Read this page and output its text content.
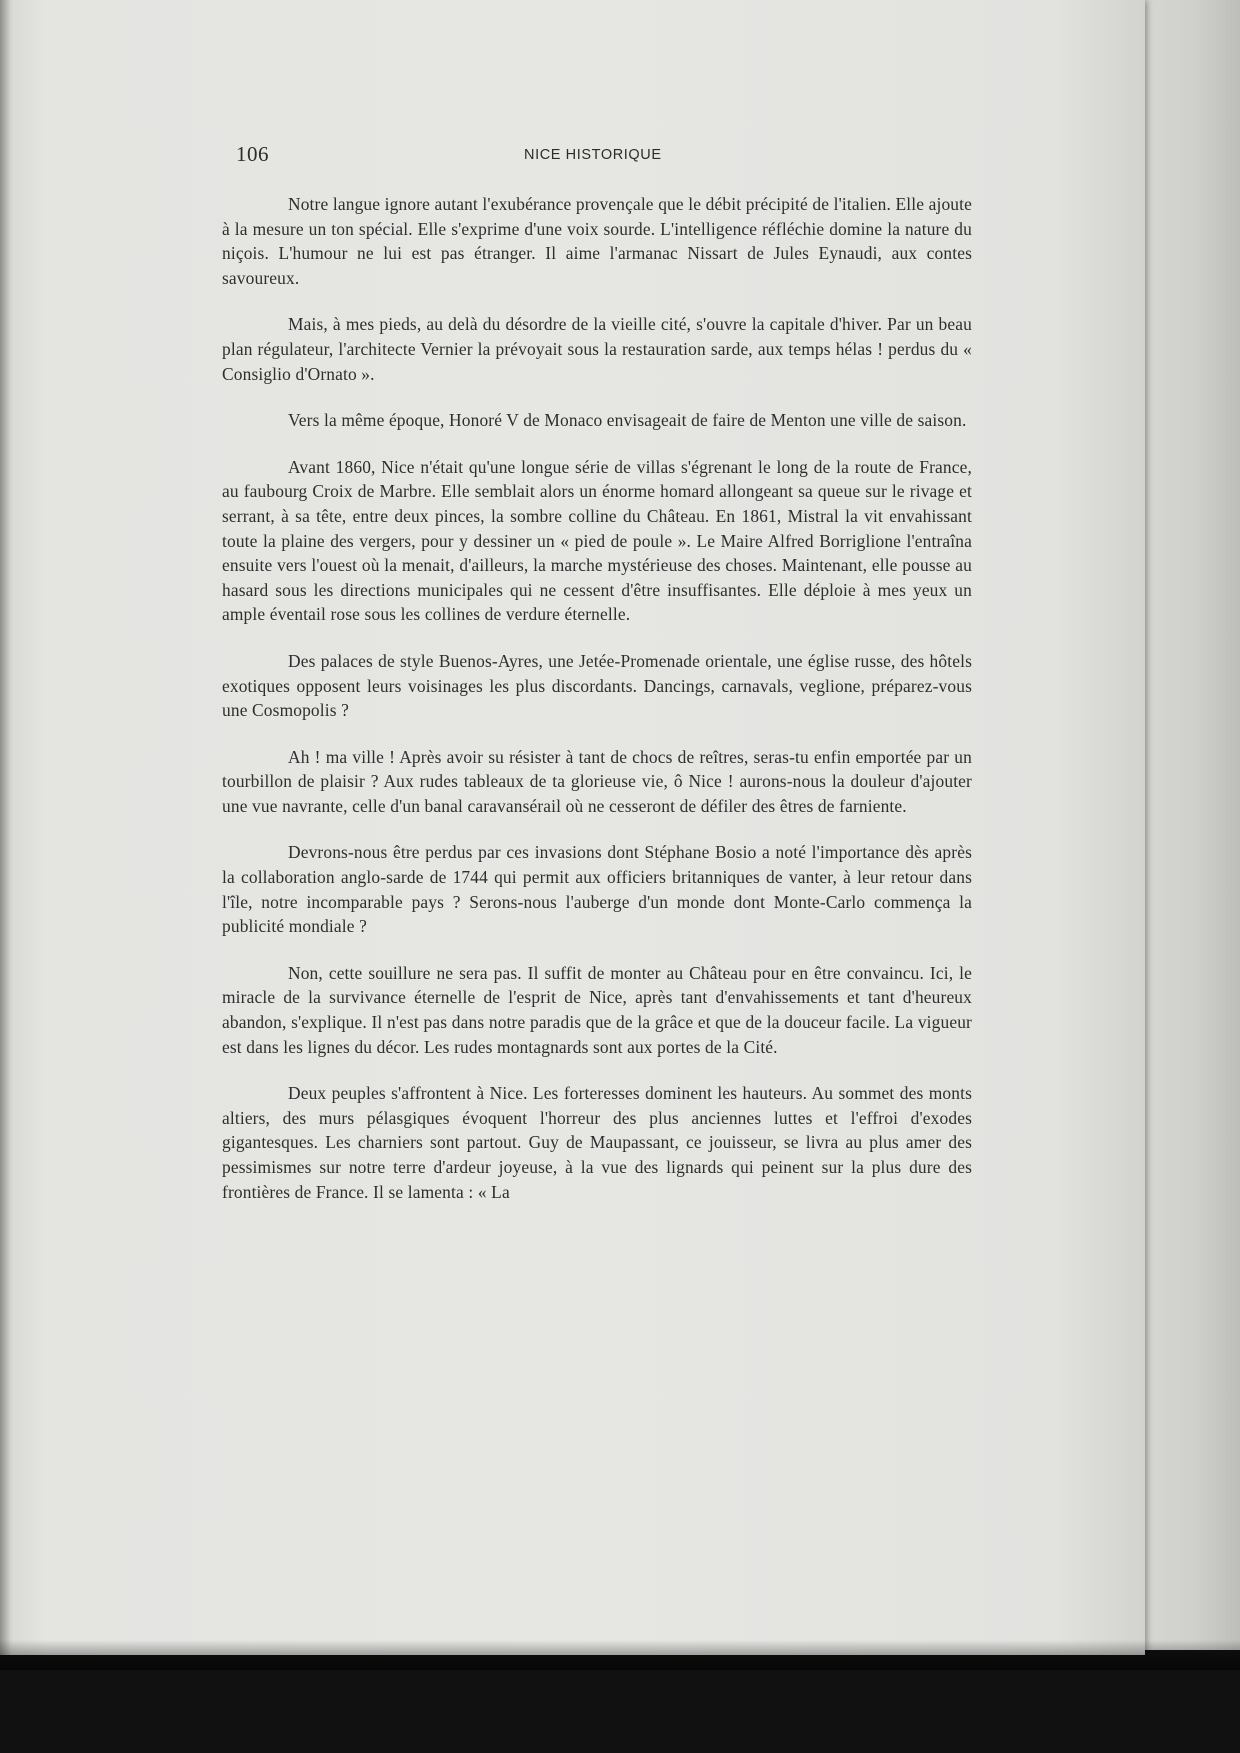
106	NICE HISTORIQUE

Notre langue ignore autant l'exubérance provençale que le débit précipité de l'italien. Elle ajoute à la mesure un ton spécial. Elle s'exprime d'une voix sourde. L'intelligence réfléchie domine la nature du niçois. L'humour ne lui est pas étranger. Il aime l'armanac Nissart de Jules Eynaudi, aux contes savoureux.

Mais, à mes pieds, au delà du désordre de la vieille cité, s'ouvre la capitale d'hiver. Par un beau plan régulateur, l'architecte Vernier la prévoyait sous la restauration sarde, aux temps hélas ! perdus du « Consiglio d'Ornato ».

Vers la même époque, Honoré V de Monaco envisageait de faire de Menton une ville de saison.

Avant 1860, Nice n'était qu'une longue série de villas s'égrenant le long de la route de France, au faubourg Croix de Marbre. Elle semblait alors un énorme homard allongeant sa queue sur le rivage et serrant, à sa tête, entre deux pinces, la sombre colline du Château. En 1861, Mistral la vit envahissant toute la plaine des vergers, pour y dessiner un « pied de poule ». Le Maire Alfred Borriglione l'entraîna ensuite vers l'ouest où la menait, d'ailleurs, la marche mystérieuse des choses. Maintenant, elle pousse au hasard sous les directions municipales qui ne cessent d'être insuffisantes. Elle déploie à mes yeux un ample éventail rose sous les collines de verdure éternelle.

Des palaces de style Buenos-Ayres, une Jetée-Promenade orientale, une église russe, des hôtels exotiques opposent leurs voisinages les plus discordants. Dancings, carnavals, veglione, préparez-vous une Cosmopolis ?

Ah ! ma ville ! Après avoir su résister à tant de chocs de reîtres, seras-tu enfin emportée par un tourbillon de plaisir ? Aux rudes tableaux de ta glorieuse vie, ô Nice ! aurons-nous la douleur d'ajouter une vue navrante, celle d'un banal caravansérail où ne cesseront de défiler des êtres de farniente.

Devrons-nous être perdus par ces invasions dont Stéphane Bosio a noté l'importance dès après la collaboration anglo-sarde de 1744 qui permit aux officiers britanniques de vanter, à leur retour dans l'île, notre incomparable pays ? Serons-nous l'auberge d'un monde dont Monte-Carlo commença la publicité mondiale ?

Non, cette souillure ne sera pas. Il suffit de monter au Château pour en être convaincu. Ici, le miracle de la survivance éternelle de l'esprit de Nice, après tant d'envahissements et tant d'heureux abandon, s'explique. Il n'est pas dans notre paradis que de la grâce et que de la douceur facile. La vigueur est dans les lignes du décor. Les rudes montagnards sont aux portes de la Cité.

Deux peuples s'affrontent à Nice. Les forteresses dominent les hauteurs. Au sommet des monts altiers, des murs pélasgiques évoquent l'horreur des plus anciennes luttes et l'effroi d'exodes gigantesques. Les charniers sont partout. Guy de Maupassant, ce jouisseur, se livra au plus amer des pessimismes sur notre terre d'ardeur joyeuse, à la vue des lignards qui peinent sur la plus dure des frontières de France. Il se lamenta : « La
